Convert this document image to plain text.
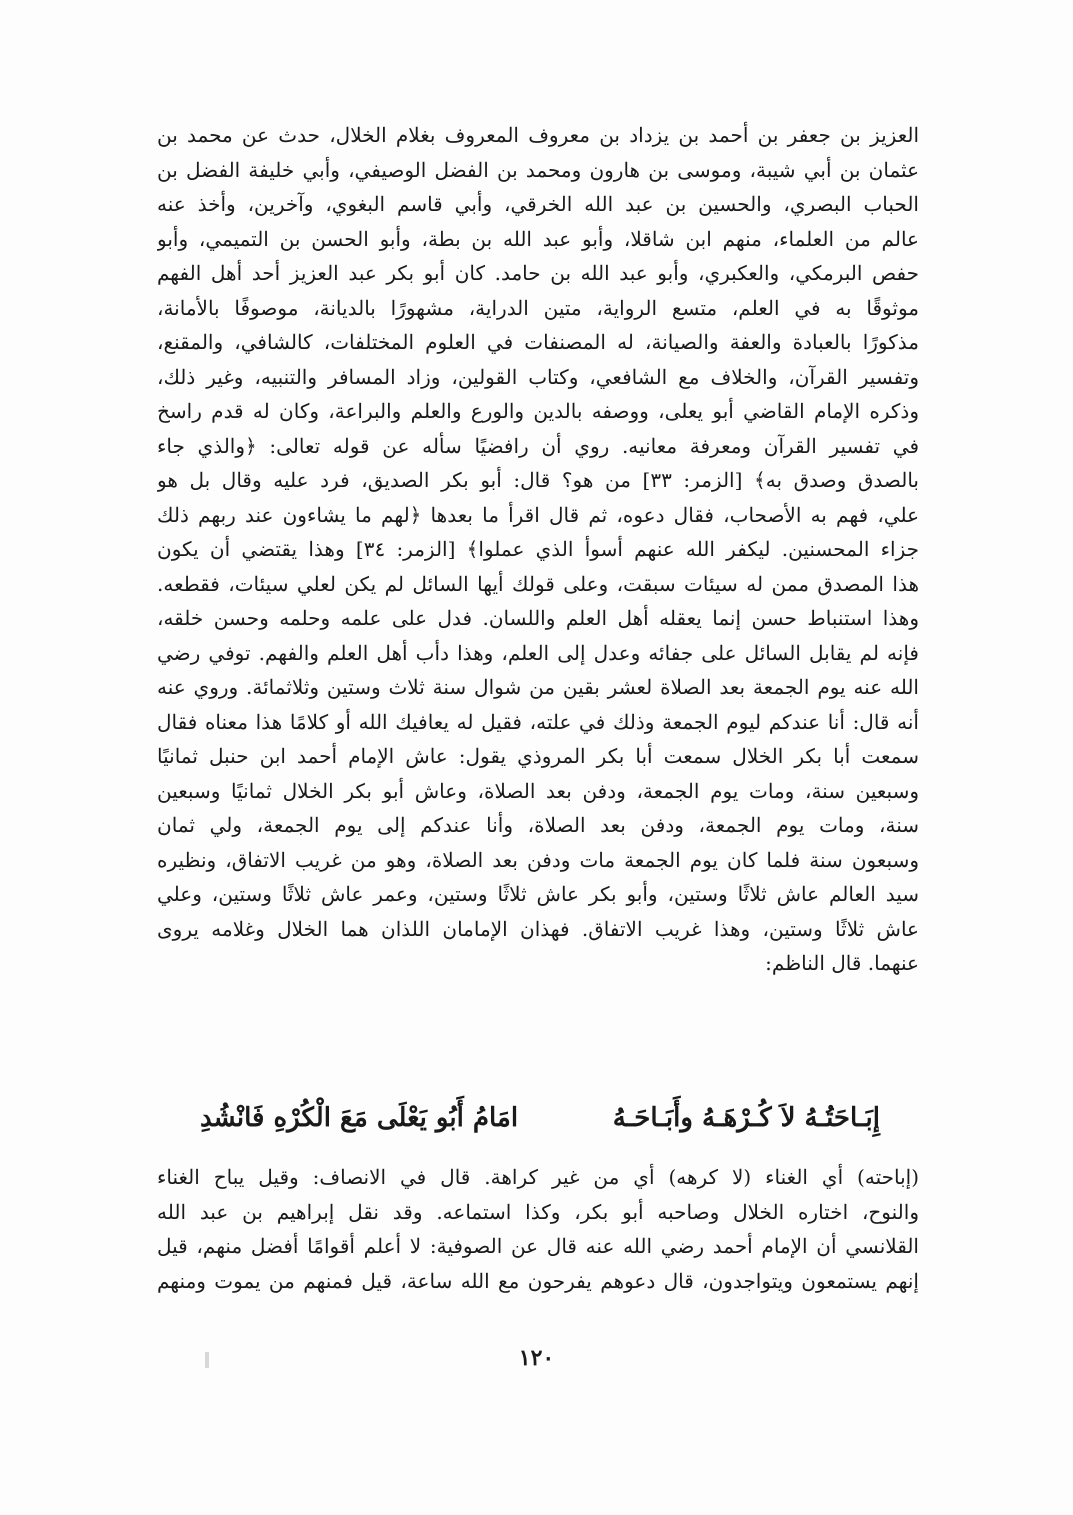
العزيز بن جعفر بن أحمد بن يزداد بن معروف المعروف بغلام الخلال، حدث عن محمد بن
عثمان بن أبي شيبة، وموسى بن هارون ومحمد بن الفضل الوصيفي، وأبي خليفة الفضل بن
الحباب البصري، والحسين بن عبد الله الخرقي، وأبي قاسم البغوي، وآخرين، وأخذ عنه
عالم من العلماء، منهم ابن شاقلا، وأبو عبد الله بن بطة، وأبو الحسن بن التميمي، وأبو
حفص البرمكي، والعكبري، وأبو عبد الله بن حامد. كان أبو بكر عبد العزيز أحد أهل الفهم
موثوقًا به في العلم، متسع الرواية، متين الدراية، مشهورًا بالديانة، موصوفًا بالأمانة،
مذكورًا بالعبادة والعفة والصيانة، له المصنفات في العلوم المختلفات، كالشافي، والمقنع،
وتفسير القرآن، والخلاف مع الشافعي، وكتاب القولين، وزاد المسافر والتنبيه، وغير ذلك،
وذكره الإمام القاضي أبو يعلى، ووصفه بالدين والورع والعلم والبراعة، وكان له قدم راسخ
في تفسير القرآن ومعرفة معانيه. روي أن رافضيًا سأله عن قوله تعالى: ﴿والذي جاء
بالصدق وصدق به﴾ [الزمر: ٣٣] من هو؟ قال: أبو بكر الصديق، فرد عليه وقال بل هو
علي، فهم به الأصحاب، فقال دعوه، ثم قال اقرأ ما بعدها ﴿لهم ما يشاءون عند ربهم ذلك
جزاء المحسنين. ليكفر الله عنهم أسوأ الذي عملوا﴾ [الزمر: ٣٤] وهذا يقتضي أن يكون
هذا المصدق ممن له سيئات سبقت، وعلى قولك أيها السائل لم يكن لعلي سيئات، فقطعه.
وهذا استنباط حسن إنما يعقله أهل العلم واللسان. فدل على علمه وحلمه وحسن خلقه،
فإنه لم يقابل السائل على جفائه وعدل إلى العلم، وهذا دأب أهل العلم والفهم. توفي رضي
الله عنه يوم الجمعة بعد الصلاة لعشر بقين من شوال سنة ثلاث وستين وثلاثمائة. وروي عنه
أنه قال: أنا عندكم ليوم الجمعة وذلك في علته، فقيل له يعافيك الله أو كلامًا هذا معناه فقال
سمعت أبا بكر الخلال سمعت أبا بكر المروذي يقول: عاش الإمام أحمد ابن حنبل ثمانيًا
وسبعين سنة، ومات يوم الجمعة، ودفن بعد الصلاة، وعاش أبو بكر الخلال ثمانيًا وسبعين
سنة، ومات يوم الجمعة، ودفن بعد الصلاة، وأنا عندكم إلى يوم الجمعة، ولي ثمان
وسبعون سنة فلما كان يوم الجمعة مات ودفن بعد الصلاة، وهو من غريب الاتفاق، ونظيره
سيد العالم عاش ثلاثًا وستين، وأبو بكر عاش ثلاثًا وستين، وعمر عاش ثلاثًا وستين، وعلي
عاش ثلاثًا وستين، وهذا غريب الاتفاق. فهذان الإمامان اللذان هما الخلال وغلامه يروى
عنهما. قال الناظم:
إِبَـاحَتُـهُ لاَ كُـرْهَـهُ وأَبَـاحَـهُ
امَامُ أَبُو يَعْلَى مَعَ الْكُرْهِ فَانْشُدِ
(إباحته) أي الغناء (لا كرهه) أي من غير كراهة. قال في الانصاف: وقيل يباح الغناء
والنوح، اختاره الخلال وصاحبه أبو بكر، وكذا استماعه. وقد نقل إبراهيم بن عبد الله
القلانسي أن الإمام أحمد رضي الله عنه قال عن الصوفية: لا أعلم أقوامًا أفضل منهم، قيل
إنهم يستمعون ويتواجدون، قال دعوهم يفرحون مع الله ساعة، قيل فمنهم من يموت ومنهم
١٢٠
